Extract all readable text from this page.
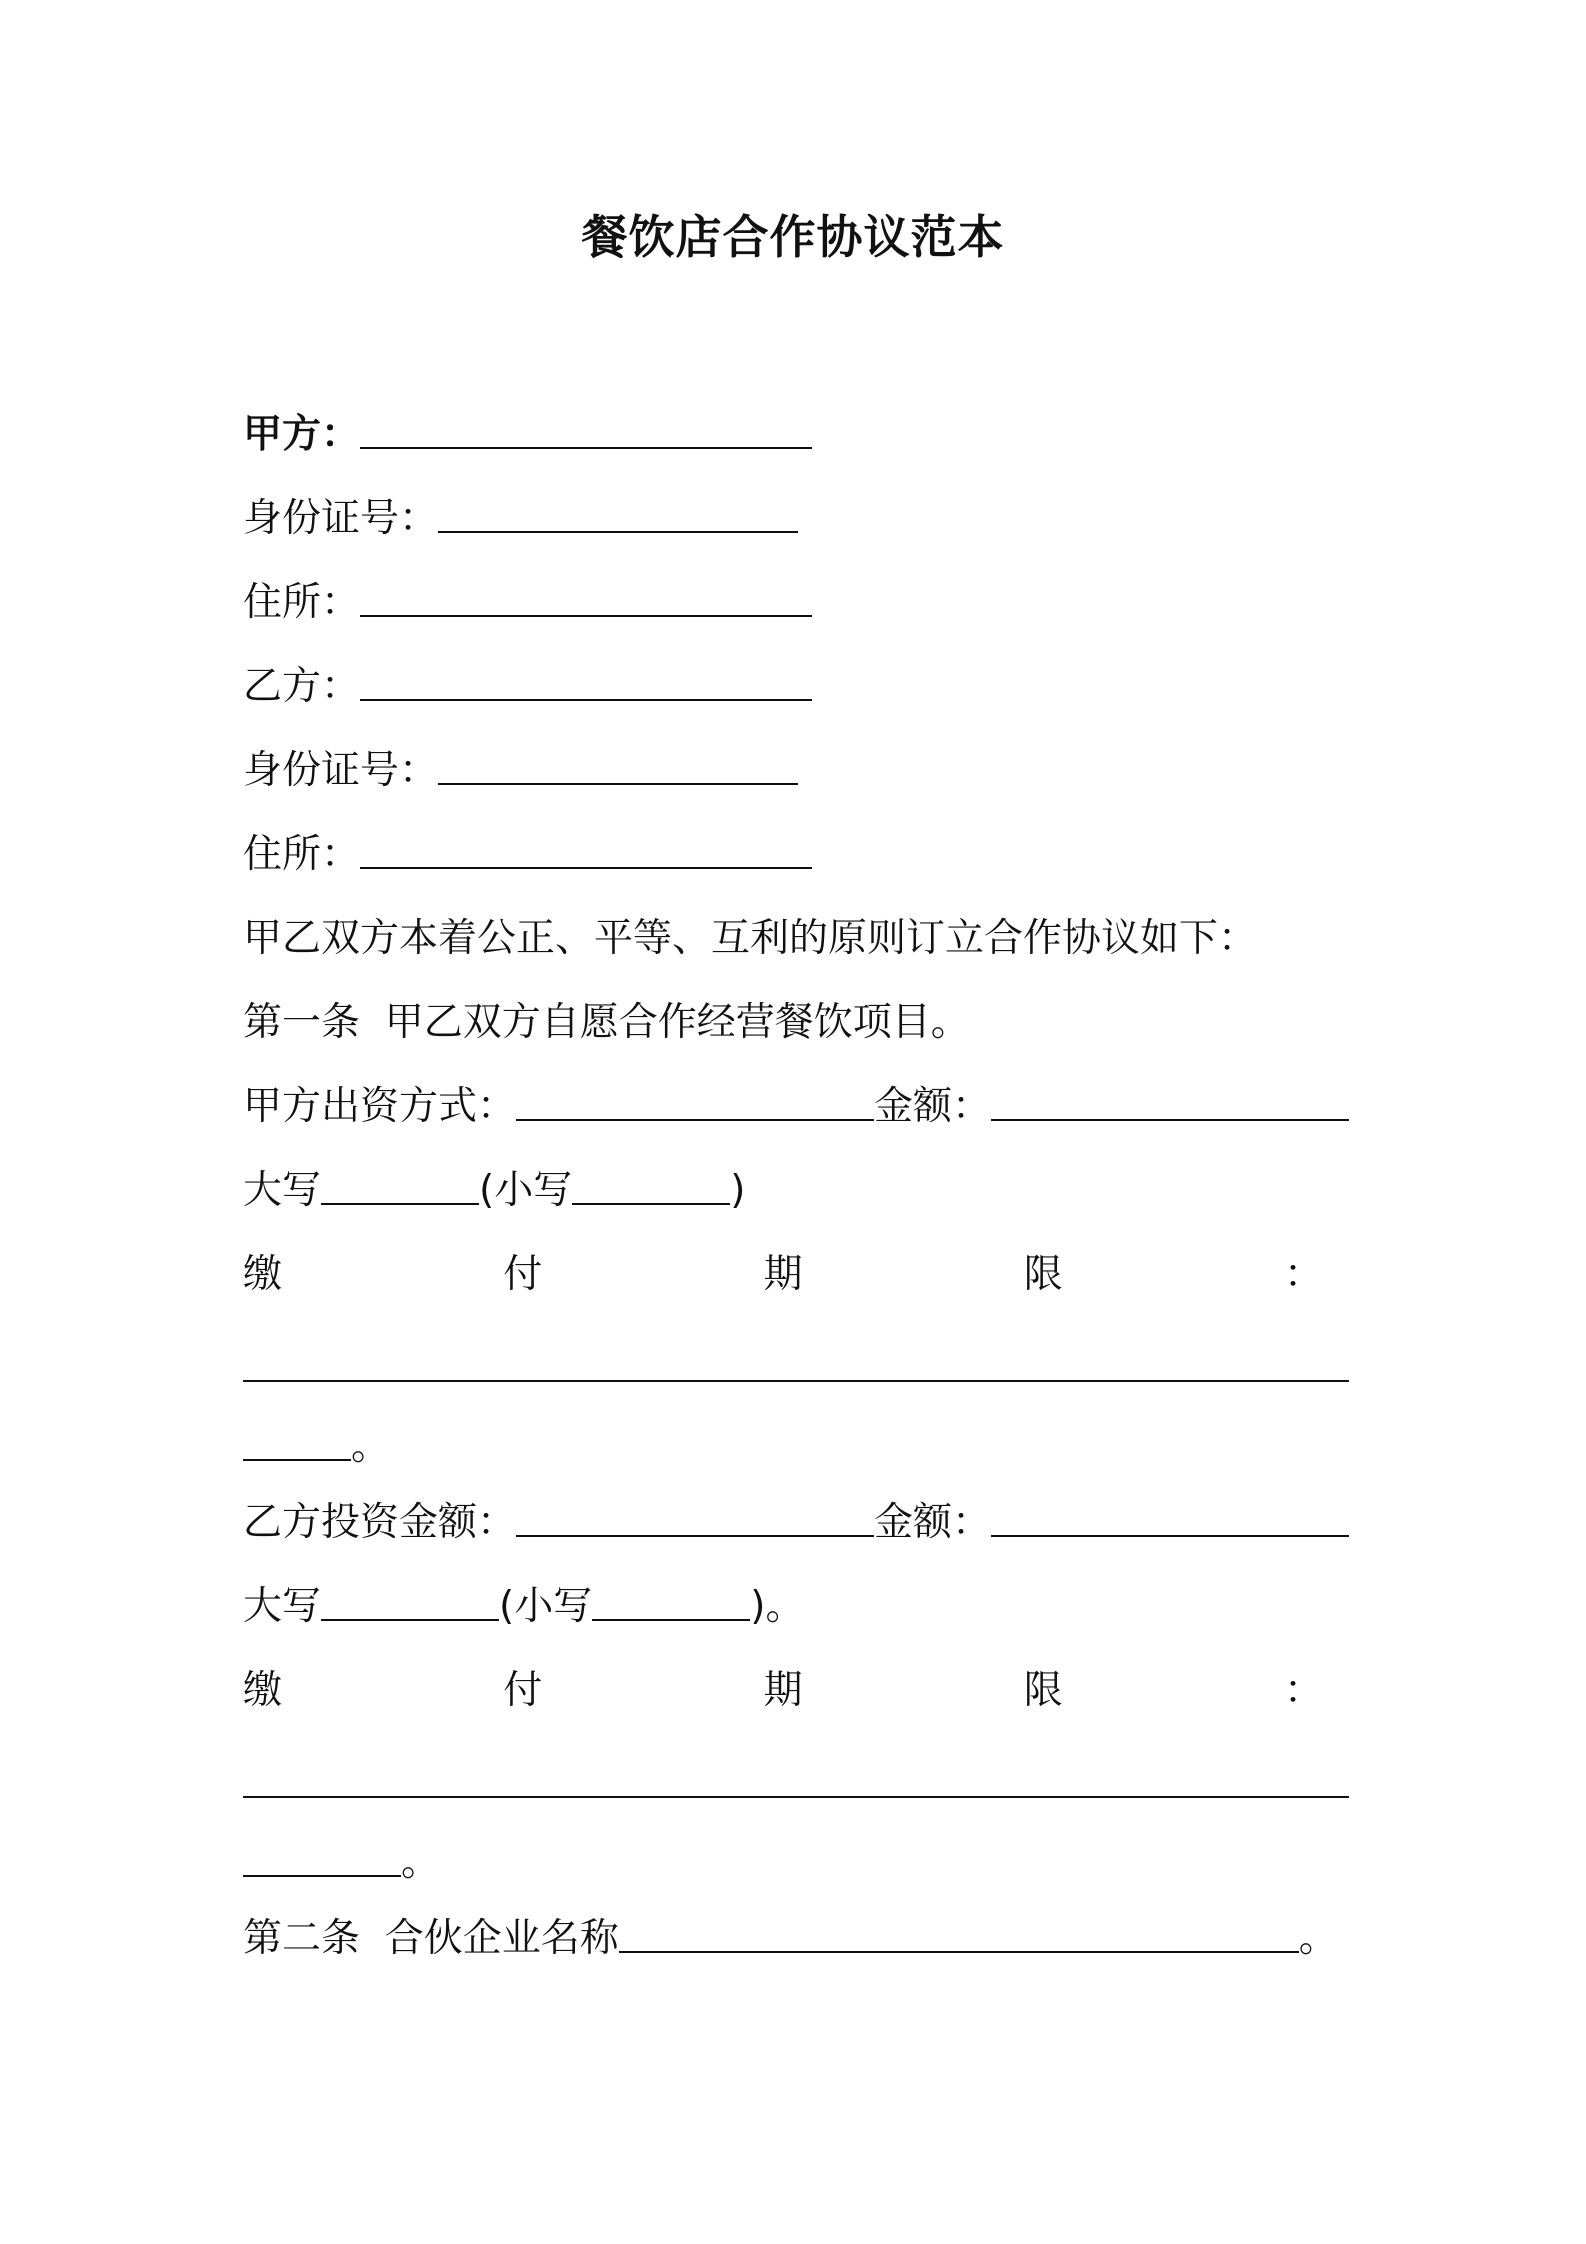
餐饮店合作协议范本
甲方：
身份证号：
住所：
乙方：
身份证号：
住所：
甲乙双方本着公正、平等、互利的原则订立合作协议如下：
第一条  甲乙双方自愿合作经营餐饮项目。
甲方出资方式：	金额：
大写	(小写	)
缴	付	期	限	：
。
乙方投资金额：	金额：
大写	(小写	)。
缴	付	期	限	：
。
第二条  合伙企业名称	。
